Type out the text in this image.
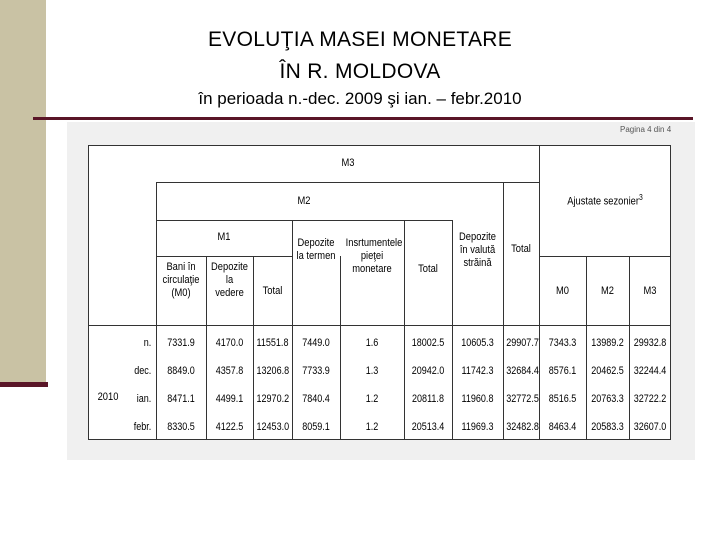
EVOLUŢIA MASEI MONETARE
ÎN R. MOLDOVA
în perioada n.-dec. 2009 şi ian. – febr.2010
Pagina 4 din 4
M3
M2
M1
Ajustate sezonier$^3$
2010
Bani în circulaţie (M0)
Depozite la vedere	Total
Depozite la termen
Insrtumentele pieţei monetare	Total
Depozite în valută străină
Total
M0	M2	M3
n.	7331.9	4170.0	11551.8	7449.0	1.6	18002.5	10605.3	29907.7 7343.3	13989.2 29932.8
dec.	8849.0	4357.8	13206.8	7733.9	1.3	20942.0	11742.3	32684.4 8576.1	20462.5 32244.4
ian.	8471.1	4499.1	12970.2	7840.4	1.2	20811.8	11960.8	32772.5 8516.5	20763.3 32722.2
febr.	8330.5	4122.5	12453.0	8059.1	1.2	20513.4	11969.3	32482.8 8463.4	20583.3 32607.0
